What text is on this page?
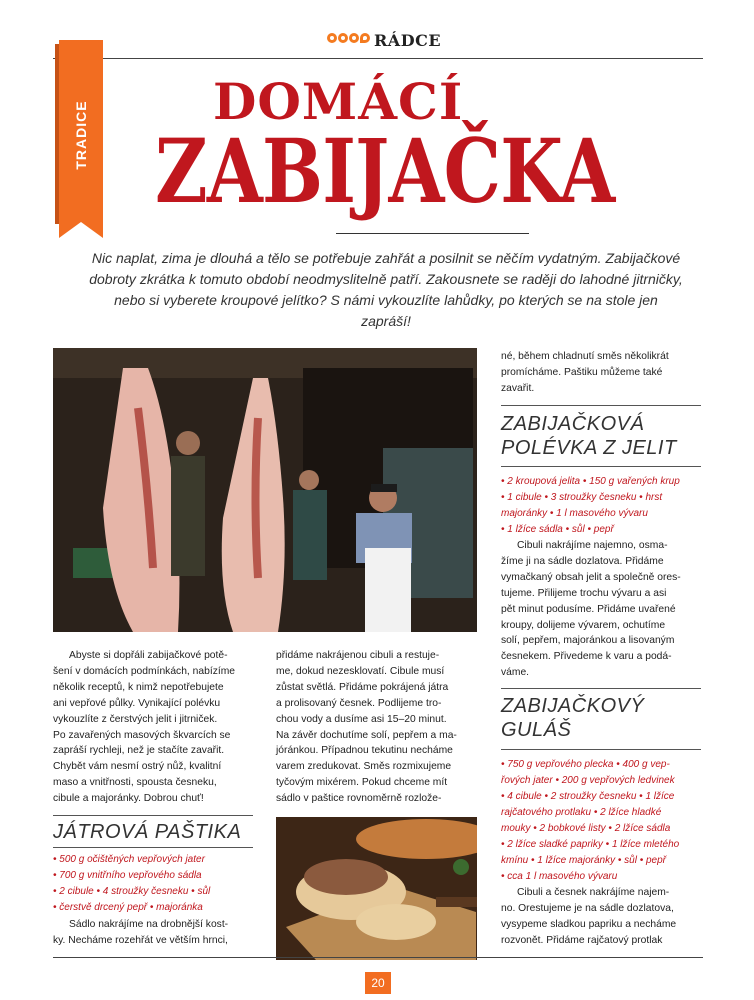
RÁDCE
TRADICE DOMÁCÍ
ZABIJAČKA
Nic naplat, zima je dlouhá a tělo se potřebuje zahřát a posilnit se něčím vydatným. Zabijačkové dobroty zkrátka k tomuto období neodmyslitelně patří. Zakousnete se raději do lahodné jitrničky, nebo si vyberete kroupové jelítko? S námi vykouzlíte lahůdky, po kterých se na stole jen zapráší!

Abyste si dopřáli zabijačkové potě-

šení v domácích podmínkách, nabízíme

několik receptů, k nimž nepotřebujete

ani vepřové půlky. Vynikající polévku

vykouzlíte z čerstvých jelit i jitrniček.

Po zavařených masových škvarcích se

zapráší rychleji, než je stačíte zavařit.

Chybět vám nesmí ostrý nůž, kvalitní

maso a vnitřnosti, spousta česneku,

cibule a majoránky. Dobrou chuť!

JÁTROVÁ PAŠTIKA
• 500 g očištěných vepřových jater
• 700 g vnitřního vepřového sádla
• 2 cibule • 4 stroužky česneku • sůl
• čerstvě drcený pepř • majoránka

Sádlo nakrájíme na drobnější kost-

ky. Necháme rozehřát ve větším hrnci,

přidáme nakrájenou cibuli a restuje-

me, dokud nezesklovatí. Cibule musí

zůstat světlá. Přidáme pokrájená játra

a prolisovaný česnek. Podlijeme tro-

chou vody a dusíme asi 15–20 minut.

Na závěr dochutíme solí, pepřem a ma-

jóránkou. Případnou tekutinu necháme

varem zredukovat. Směs rozmixujeme

tyčovým mixérem. Pokud chceme mít

sádlo v paštice rovnoměrně rozlože-

né, během chladnutí směs několikrát

promícháme. Paštiku můžeme také

zavařit.

ZABIJAČKOVÁ
POLÉVKA Z JELIT
• 2 kroupová jelita • 150 g vařených krup
• 1 cibule • 3 stroužky česneku • hrst
majoránky • 1 l masového vývaru
• 1 lžíce sádla • sůl • pepř

Cibuli nakrájíme najemno, osma-

žíme ji na sádle dozlatova. Přidáme

vymačkaný obsah jelit a společně ores-

tujeme. Přilijeme trochu vývaru a asi

pět minut podusíme. Přidáme uvařené

kroupy, dolijeme vývarem, ochutíme

solí, pepřem, majoránkou a lisovaným

česnekem. Přivedeme k varu a podá-

váme.

ZABIJAČKOVÝ
GULÁŠ
• 750 g vepřového plecka • 400 g vep-
řových jater • 200 g vepřových ledvinek
• 4 cibule • 2 stroužky česneku • 1 lžíce
rajčatového protlaku • 2 lžíce hladké
mouky • 2 bobkové listy • 2 lžíce sádla
• 2 lžíce sladké papriky • 1 lžíce mletého
kmínu • 1 lžíce majoránky • sůl • pepř
• cca 1 l masového vývaru

Cibuli a česnek nakrájíme najem-

no. Orestujeme je na sádle dozlatova,

vysypeme sladkou papriku a necháme

rozvonět. Přidáme rajčatový protlak

20
